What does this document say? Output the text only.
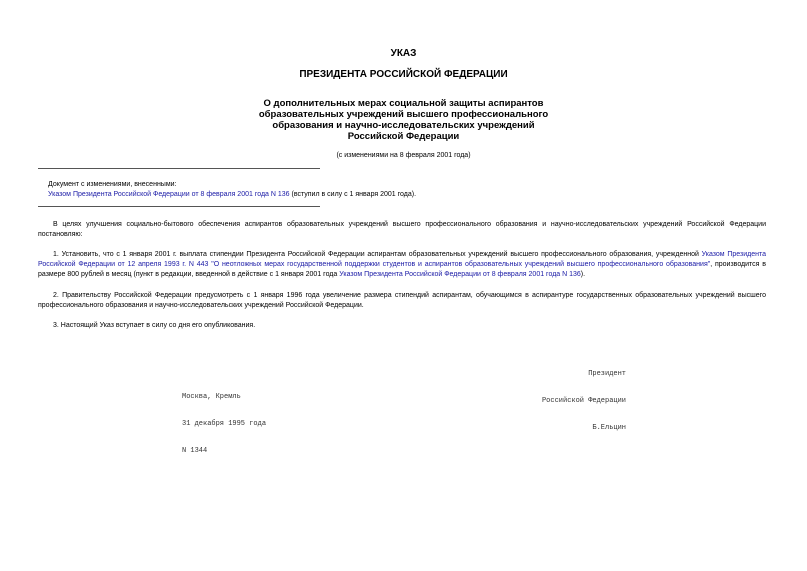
УКАЗ
ПРЕЗИДЕНТА РОССИЙСКОЙ ФЕДЕРАЦИИ
О дополнительных мерах социальной защиты аспирантов
образовательных учреждений высшего профессионального
образования и научно-исследовательских учреждений
Российской Федерации
(с изменениями на 8 февраля 2001 года)
Документ с изменениями, внесенными:
Указом Президента Российской Федерации от 8 февраля 2001 года N 136 (вступил в силу с 1 января 2001 года).

В целях улучшения социально-бытового обеспечения аспирантов образовательных учреждений высшего профессионального образования и научно-исследовательских учреждений Российской Федерации постановляю:

1. Установить, что с 1 января 2001 г. выплата стипендии Президента Российской Федерации аспирантам образовательных учреждений высшего профессионального образования, учрежденной Указом Президента Российской Федерации от 12 апреля 1993 г. N 443 "О неотложных мерах государственной поддержки студентов и аспирантов образовательных учреждений высшего профессионального образования", производится в размере 800 рублей в месяц (пункт в редакции, введенной в действие с 1 января 2001 года Указом Президента Российской Федерации от 8 февраля 2001 года N 136).

2. Правительству Российской Федерации предусмотреть с 1 января 1996 года увеличение размера стипендий аспирантам, обучающимся в аспирантуре государственных образовательных учреждений высшего профессионального образования и научно-исследовательских учреждений Российской Федерации.

3. Настоящий Указ вступает в силу со дня его опубликования.

Президент

Российской Федерации

Б.Ельцин

Москва, Кремль

31 декабря 1995 года

N 1344
